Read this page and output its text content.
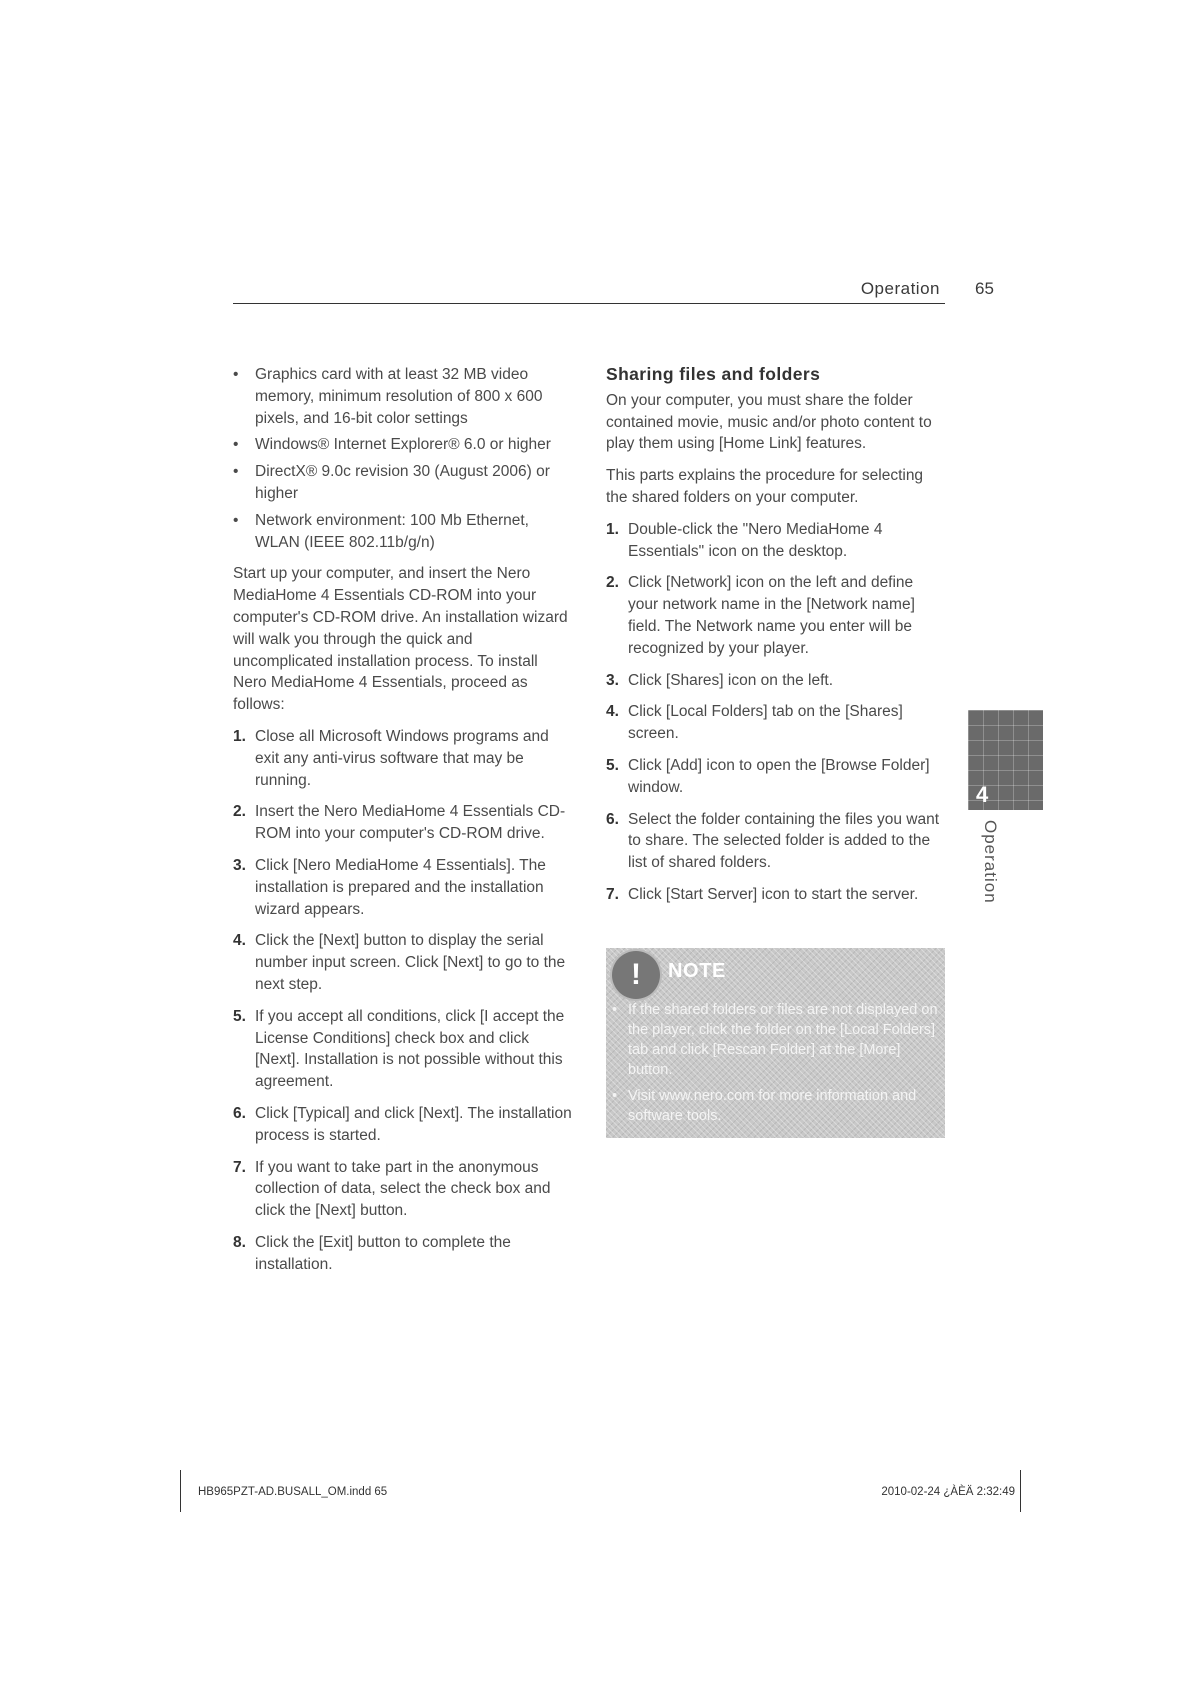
Operation 65
• Graphics card with at least 32 MB video memory, minimum resolution of 800 x 600 pixels, and 16-bit color settings
• Windows® Internet Explorer® 6.0 or higher
• DirectX® 9.0c revision 30 (August 2006) or higher
• Network environment: 100 Mb Ethernet, WLAN (IEEE 802.11b/g/n)

Start up your computer, and insert the Nero MediaHome 4 Essentials CD-ROM into your computer's CD-ROM drive. An installation wizard will walk you through the quick and uncomplicated installation process. To install Nero MediaHome 4 Essentials, proceed as follows:

1. Close all Microsoft Windows programs and exit any anti-virus software that may be running.
2. Insert the Nero MediaHome 4 Essentials CD-ROM into your computer's CD-ROM drive.
3. Click [Nero MediaHome 4 Essentials]. The installation is prepared and the installation wizard appears.
4. Click the [Next] button to display the serial number input screen. Click [Next] to go to the next step.
5. If you accept all conditions, click [I accept the License Conditions] check box and click [Next]. Installation is not possible without this agreement.
6. Click [Typical] and click [Next]. The installation process is started.
7. If you want to take part in the anonymous collection of data, select the check box and click the [Next] button.
8. Click the [Exit] button to complete the installation.
Sharing files and folders

On your computer, you must share the folder contained movie, music and/or photo content to play them using [Home Link] features.

This parts explains the procedure for selecting the shared folders on your computer.

1. Double-click the "Nero MediaHome 4 Essentials" icon on the desktop.
2. Click [Network] icon on the left and define your network name in the [Network name] field. The Network name you enter will be recognized by your player.
3. Click [Shares] icon on the left.
4. Click [Local Folders] tab on the [Shares] screen.
5. Click [Add] icon to open the [Browse Folder] window.
6. Select the folder containing the files you want to share. The selected folder is added to the list of shared folders.
7. Click [Start Server] icon to start the server.
!	NOTE
• If the shared folders or files are not displayed on the player, click the folder on the [Local Folders] tab and click [Rescan Folder] at the [More] button.
• Visit www.nero.com for more information and software tools.
4
Operation
HB965PZT-AD.BUSALL_OM.indd 65	2010-02-24 ¿ÀÈÄ 2:32:49
